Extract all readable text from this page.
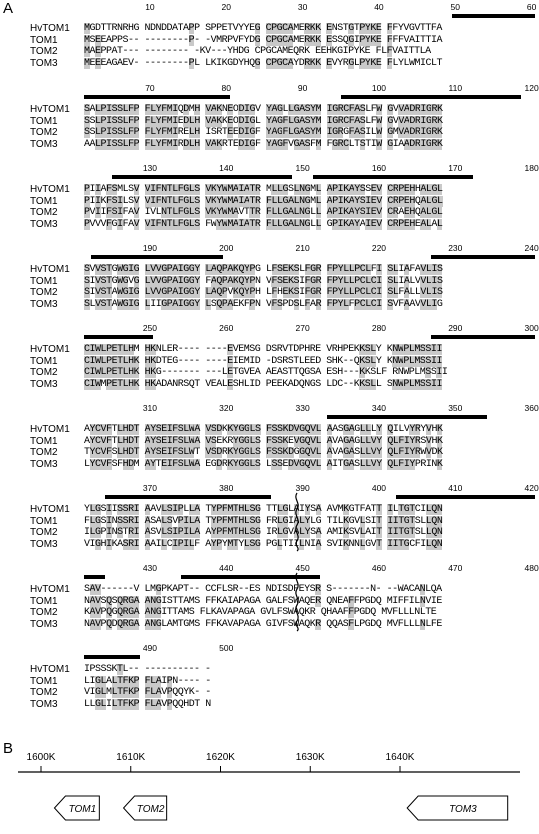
A	10	20	30	40	50	60
HvTOM1 MGDTTRNRHG NDNDDATAPP SPPETVYYEG CPGCAMERKK ENSTGTPYKE FFYVGVTTFA
TOM1	MSEEAPPS-- --------P- -VMRPVFYDG CPGCAMERKK ESSQGIPYKE FFFVAITTIA
TOM2	MAEPPAT--- -------- -KV---YHDG CPGCAMEQRK EEHKGIPYKE FLFVAITTLA
TOM3	MEEEAGAEV- --------PL LKIKGDYHQG CPGCAYDRKK EVYRGLPYKE FLYLWMICLT
70	80	90	100	110	120
HvTOM1 SALPISSLFP FLYFMIQDMH VAKNEODIGV YAGLLGASYM IGRCFASLFW GVVADRIGRK
TOM1	SSLPISSLFP FLYFMIEDLH VAKKEODIGL YAGFLGASYM IGRCFASLFW GVVADRIGRK
TOM2	SSLPISSLFP FLYFMIRELH ISRTEEDIGF YAGFLGASYM IGRGFASILW GMVADRIGRK
TOM3	AALPISSLFP FLYFMIRDLH VAKRTEDIGF YAGFVGASFM FGRCLTSTIW GIAADRIGRK
130	140	150	160	170	180
HvTOM1 PIIAFSMLSV VIFNTLFGLS VKYWMAIATR MLLGSLNGML APIKAYSSEV CRPEHHALGL
TOM1	PIIKFSILSV VIFNTLFGLS VKYWMAIATR FLLGALNGML APIKAYSIEV CRPEHQALGL
TOM2	PVIIFSIFAV IVLNTLFGLS VKYWMAVTTR FLLGALNGLL APIKAYSIEV CRAEHQALGL
TOM3	PVVVFGIFAV VIFNTLFGLS FWYWMAIATR FLLGALNGLL GPIKAYAIEV CRPEHEALAL
190	200	210	220	230	240
HvTOM1 SVVSTGWGIG LVVGPAIGGY LAQPAKQYPG LFSEKSLFGR FPYLLPCLFI SLIAFAVLIS
TOM1	SIVSTGWGVG LVVGPAIGGY FAQPAKQYPN VFSEKSIFGR FPYLLPCLCI SLIALVVLIS
TOM2	SIVSTAWGIG LVVGPAIGGY LAQPVKQYPH LFHEKSIFGR FPYLLPCLCI SLFALLVLIS
TOM3	SLVSTAWGIG LIIGPAIGGY LSQPAEKFPN VFSPDSLFAR FPYLFPCLCI SVFAAVVLIG
250	260	270	280	290	300
HvTOM1 CIWLPETLHM HKNLER---- ----EVEMSG DSRVTDPHRE VRHPEKKSLY KNWPLMSSII
TOM1	CIWLPETLHK HKDTEG---- ----EIEMID -DSRSTLEED SHK--QKSLY KNWPLMSSII
TOM2	CIWLPETLHK HKG------- ---LETGVEA AEASTTQGSA ESH---KKSLF RNWPLMSSII
TOM3	CIWMPETLHK HKADANRSQT VEALESHLID PEEKADQNGS LDC--KKSLL SNWPLMSSII
310	320	330	340	350	360
HvTOM1 AYCVFTLHDT AYSEIFSLWA VSDKKYGGLS FSSKDVGQVL AASGAGLLLY QILVYRYVHK
TOM1	AYCVFTLHDT AYSEIFSLWA VSEKRYGGLS FSSKEVGQVL AVAGAGLLVY QLFIYRSVHK
TOM2	TYCVFSLHDT AYSEIFSLWT VSDRKYGGLS FSSKDGGQVL AVAGASLLVY QLFIYRWVDK
TOM3	LYCVFSFHDM AYTEIFSLWA EGDRKYGGLS LSSEDVGQVL AITGASLLVY QLFIYPRINK
370	380	390	400	410	420
HvTOM1 YLGSIISSRI AAVLSIPLLA TYPFMTHLSG TTLGLAIYSA AVMKGTFATT ILTGTCILQN
TOM1	FLGSINSSRI ASALSVPILA TYPFMTHLSG FRLGIALYLG TILKGVLSIT IITGTSLLQN
TOM2	ILGPINSTRI ASVLSIPILA AYPFMTHLSG IRLGVALYSA AMIKSVLAIT IITGTSLLQN
TOM3	VIGHIKASRI AAILCIPILF AYPYMTYLSG PGLTIILNIA SVIKNNLGVT IITGCFILQN
430	440	450	460	470	480
HvTOM1 SAV------V LMGPKAPT-- CCFLSR--ES NDISDFEYSR S-------N- --WACANLQA
TOM1	NAVSQSQRGA ANGISTTAMS FFKAIAPAGA GALFSWAQER QNEAFFPGDQ MIFFILNVIE
TOM2	KAVPQGQRGA ANGITTAMS FLKAVAPAGA GVLFSWAQKR QHAAFFPGDQ MVFLLLNLTE
TOM3	NAVPQDQRGA ANGLAMTGMS FFKAVAPAGA GIVFSWAQKR QQASFLPGDQ MVFLLLNLFE
490	500
HvTOM1 IPSSSKTL-- ---------- -
TOM1	LIGLALTFKP FLAIPN---- -
TOM2	VIGLMLTFKP FLAVPQQYK- -
TOM3	LLGLILTFKP FLAVPQQHDT N
B
1600K	1610K	1620K	1630K	1640K
TOM1	TOM2	TOM3
